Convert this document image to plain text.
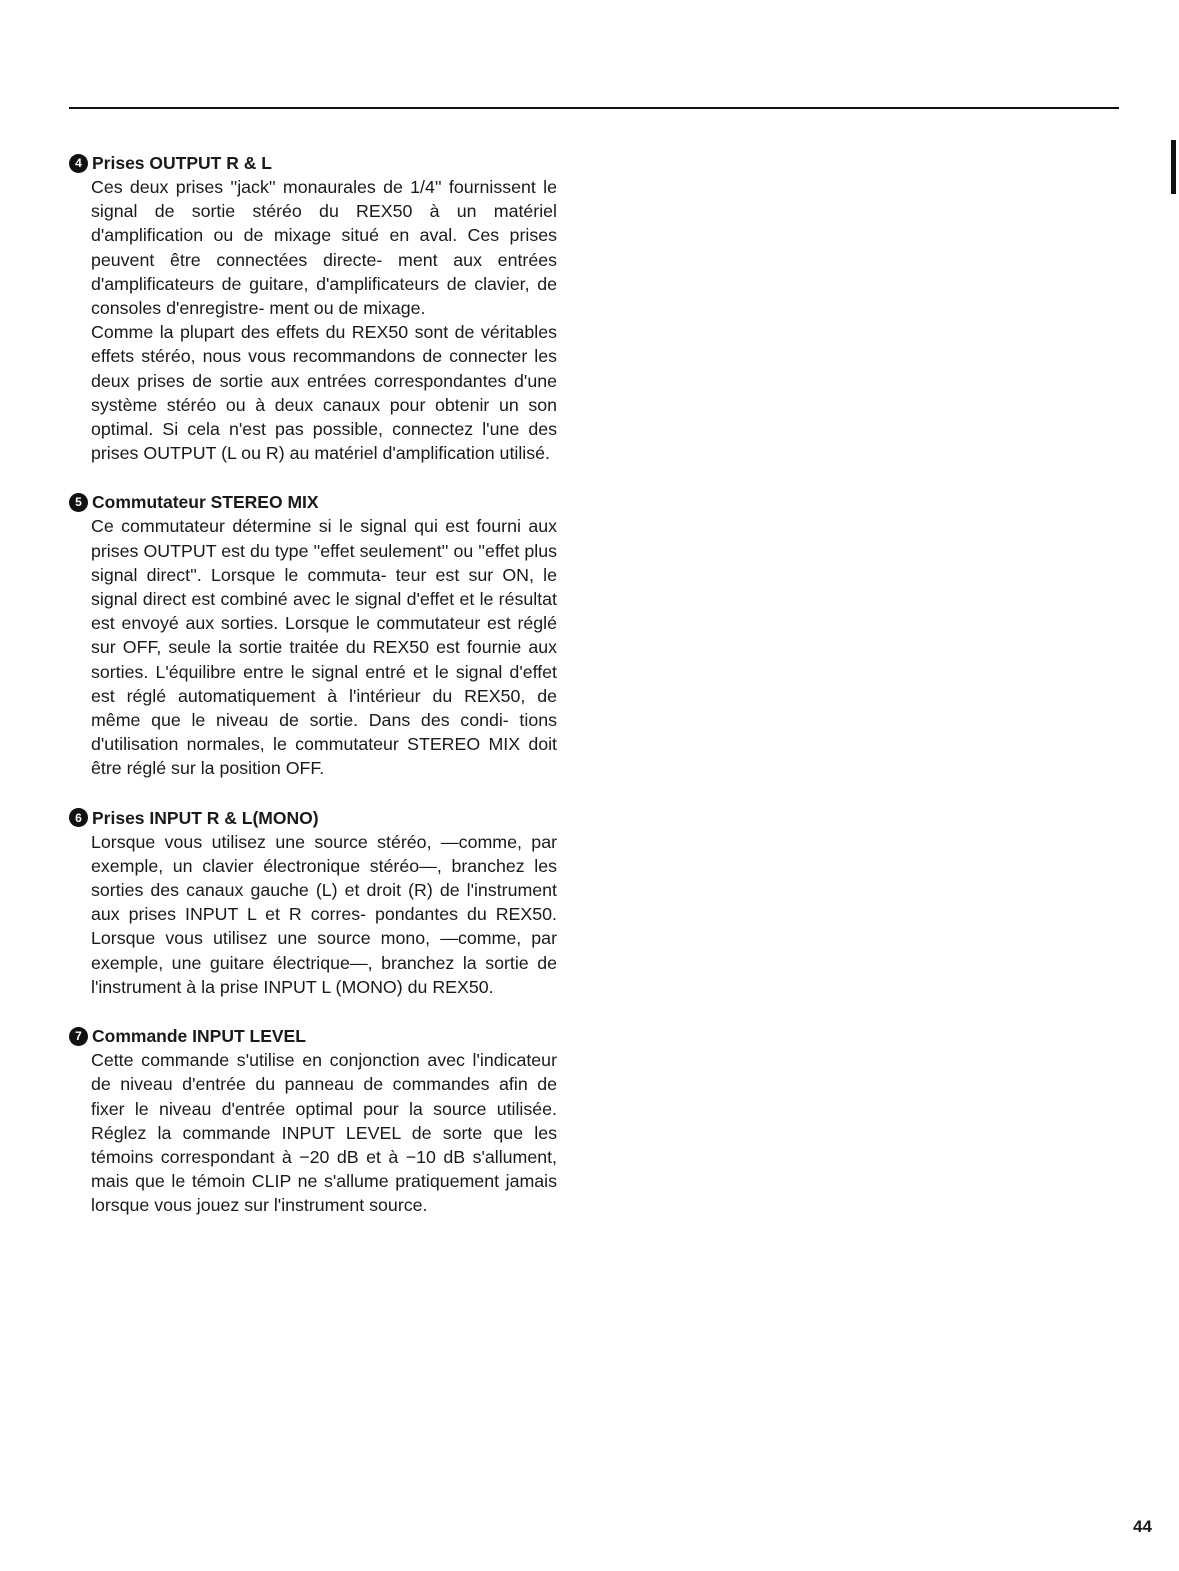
4 Prises OUTPUT R & L

Ces deux prises ''jack'' monaurales de 1/4'' fournissent le signal de sortie stéréo du REX50 à un matériel d'amplification ou de mixage situé en aval. Ces prises peuvent être connectées directe- ment aux entrées d'amplificateurs de guitare, d'amplificateurs de clavier, de consoles d'enregistre- ment ou de mixage.

Comme la plupart des effets du REX50 sont de véritables effets stéréo, nous vous recommandons de connecter les deux prises de sortie aux entrées correspondantes d'une système stéréo ou à deux canaux pour obtenir un son optimal. Si cela n'est pas possible, connectez l'une des prises OUTPUT (L ou R) au matériel d'amplification utilisé.

5 Commutateur STEREO MIX

Ce commutateur détermine si le signal qui est fourni aux prises OUTPUT est du type ''effet seulement'' ou ''effet plus signal direct''. Lorsque le commuta- teur est sur ON, le signal direct est combiné avec le signal d'effet et le résultat est envoyé aux sorties. Lorsque le commutateur est réglé sur OFF, seule la sortie traitée du REX50 est fournie aux sorties. L'équilibre entre le signal entré et le signal d'effet est réglé automatiquement à l'intérieur du REX50, de même que le niveau de sortie. Dans des condi- tions d'utilisation normales, le commutateur STEREO MIX doit être réglé sur la position OFF.

6 Prises INPUT R & L(MONO)

Lorsque vous utilisez une source stéréo, —comme, par exemple, un clavier électronique stéréo—, branchez les sorties des canaux gauche (L) et droit (R) de l'instrument aux prises INPUT L et R corres- pondantes du REX50. Lorsque vous utilisez une source mono, —comme, par exemple, une guitare électrique—, branchez la sortie de l'instrument à la prise INPUT L (MONO) du REX50.

7 Commande INPUT LEVEL

Cette commande s'utilise en conjonction avec l'indicateur de niveau d'entrée du panneau de commandes afin de fixer le niveau d'entrée optimal pour la source utilisée. Réglez la commande INPUT LEVEL de sorte que les témoins correspondant à −20 dB et à −10 dB s'allument, mais que le témoin CLIP ne s'allume pratiquement jamais lorsque vous jouez sur l'instrument source.

44
